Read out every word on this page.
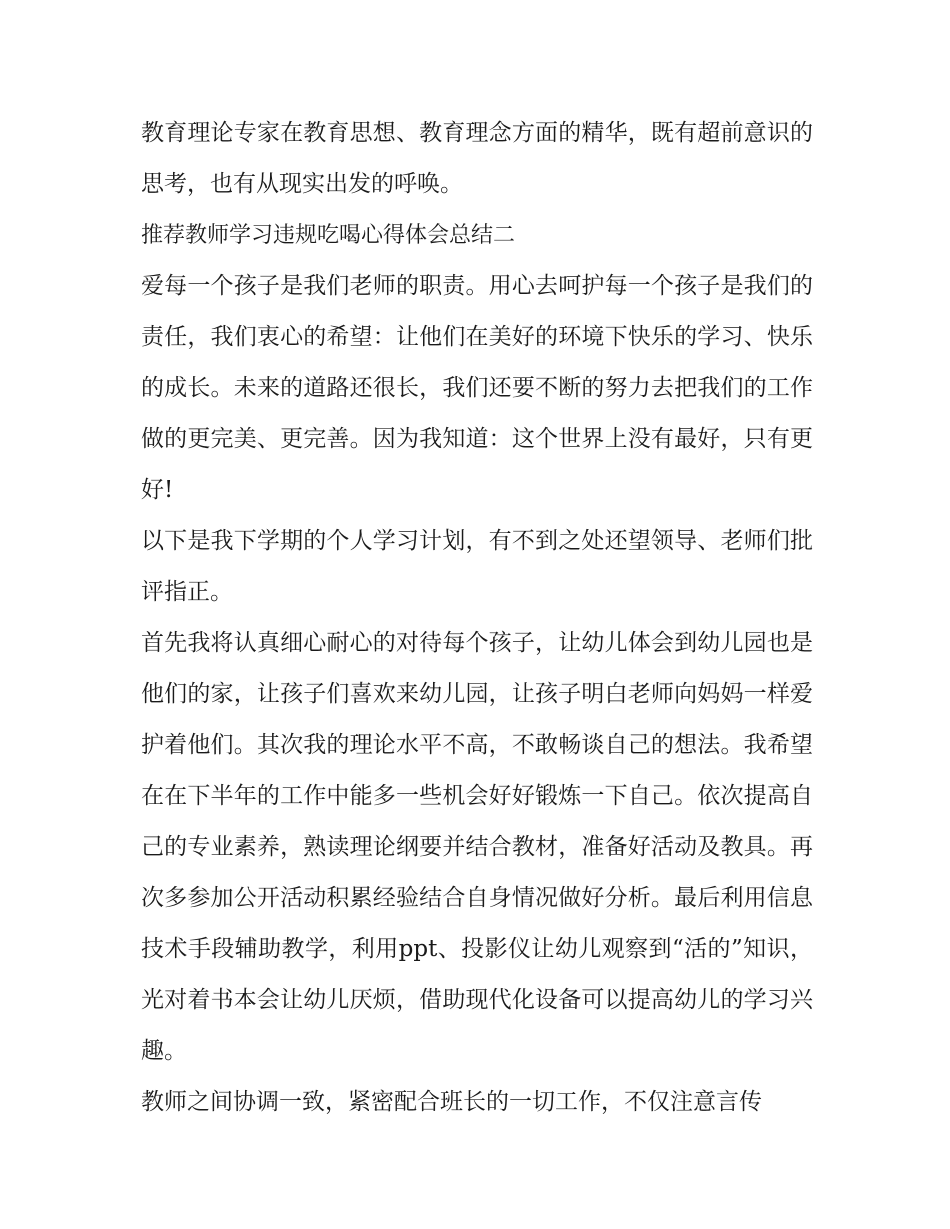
教育理论专家在教育思想、教育理念方面的精华，既有超前意识的思考，也有从现实出发的呼唤。

推荐教师学习违规吃喝心得体会总结二

爱每一个孩子是我们老师的职责。用心去呵护每一个孩子是我们的责任，我们衷心的希望：让他们在美好的环境下快乐的学习、快乐的成长。未来的道路还很长，我们还要不断的努力去把我们的工作做的更完美、更完善。因为我知道：这个世界上没有最好，只有更好!

以下是我下学期的个人学习计划，有不到之处还望领导、老师们批评指正。

首先我将认真细心耐心的对待每个孩子，让幼儿体会到幼儿园也是他们的家，让孩子们喜欢来幼儿园，让孩子明白老师向妈妈一样爱护着他们。其次我的理论水平不高，不敢畅谈自己的想法。我希望在在下半年的工作中能多一些机会好好锻炼一下自己。依次提高自己的专业素养，熟读理论纲要并结合教材，准备好活动及教具。再次多参加公开活动积累经验结合自身情况做好分析。最后利用信息技术手段辅助教学，利用ppt、投影仪让幼儿观察到“活的”知识，光对着书本会让幼儿厌烦，借助现代化设备可以提高幼儿的学习兴趣。

教师之间协调一致，紧密配合班长的一切工作，不仅注意言传
